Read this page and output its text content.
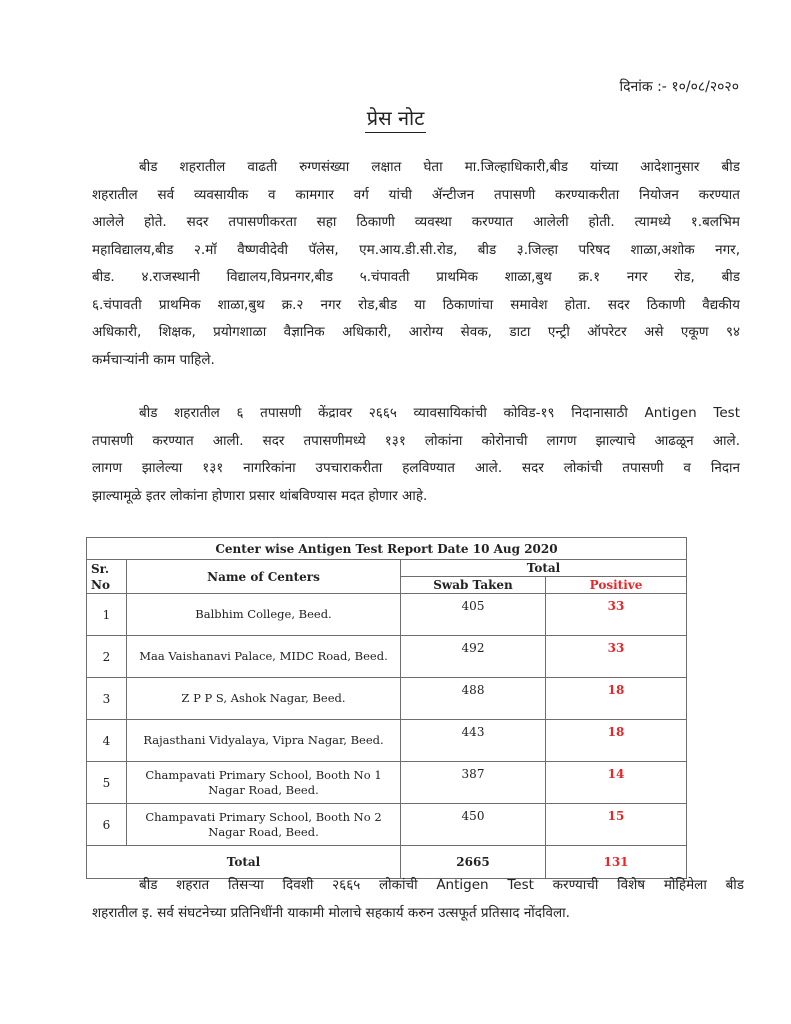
दिनांक :- १०/०८/२०२०
प्रेस नोट
बीड शहरातील वाढती रुग्णसंख्या लक्षात घेता मा.जिल्हाधिकारी,बीड यांच्या आदेशानुसार बीड
शहरातील सर्व व्यवसायीक व कामगार वर्ग यांची ॲन्टीजन तपासणी करण्याकरीता नियोजन करण्यात
आलेले होते. सदर तपासणीकरता सहा ठिकाणी व्यवस्था करण्यात आलेली होती. त्यामध्ये १.बलभिम
महाविद्यालय,बीड २.मॉ वैष्णवीदेवी पॅलेस, एम.आय.डी.सी.रोड, बीड ३.जिल्हा परिषद शाळा,अशोक नगर,
बीड. ४.राजस्थानी विद्यालय,विप्रनगर,बीड ५.चंपावती प्राथमिक शाळा,बुथ क्र.१ नगर रोड, बीड
६.चंपावती प्राथमिक शाळा,बुथ क्र.२ नगर रोड,बीड या ठिकाणांचा समावेश होता. सदर ठिकाणी वैद्यकीय
अधिकारी, शिक्षक, प्रयोगशाळा वैज्ञानिक अधिकारी, आरोग्य सेवक, डाटा एन्ट्री ऑपरेटर असे एकूण ९४
कर्मचाऱ्यांनी काम पाहिले.
बीड शहरातील ६ तपासणी केंद्रावर २६६५ व्यावसायिकांची कोविड-१९ निदानासाठी Antigen Test
तपासणी करण्यात आली. सदर तपासणीमध्ये १३१ लोकांना कोरोनाची लागण झाल्याचे आढळून आले.
लागण झालेल्या १३१ नागरिकांना उपचाराकरीता हलविण्यात आले. सदर लोकांची तपासणी व निदान
झाल्यामूळे इतर लोकांना होणारा प्रसार थांबविण्यास मदत होणार आहे.
Center wise Antigen Test Report Date 10 Aug 2020			
Sr. No	Name of Centers	Total	
		Swab Taken	Positive
1	Balbhim College, Beed.	405	33
2	Maa Vaishanavi Palace, MIDC Road, Beed.	492	33
3	Z P P S, Ashok Nagar, Beed.	488	18
4	Rajasthani Vidyalaya, Vipra Nagar, Beed.	443	18
5	Champavati Primary School, Booth No 1
Nagar Road, Beed.	387	14
6	Champavati Primary School, Booth No 2
Nagar Road, Beed.	450	15
Total		2665	131
बीड शहरात तिसऱ्या दिवशी २६६५ लोकांची Antigen Test करण्याची विशेष मोहिमेला बीड
शहरातील इ. सर्व संघटनेच्या प्रतिनिधींनी याकामी मोलाचे सहकार्य करुन उत्सफूर्त प्रतिसाद नोंदविला.
